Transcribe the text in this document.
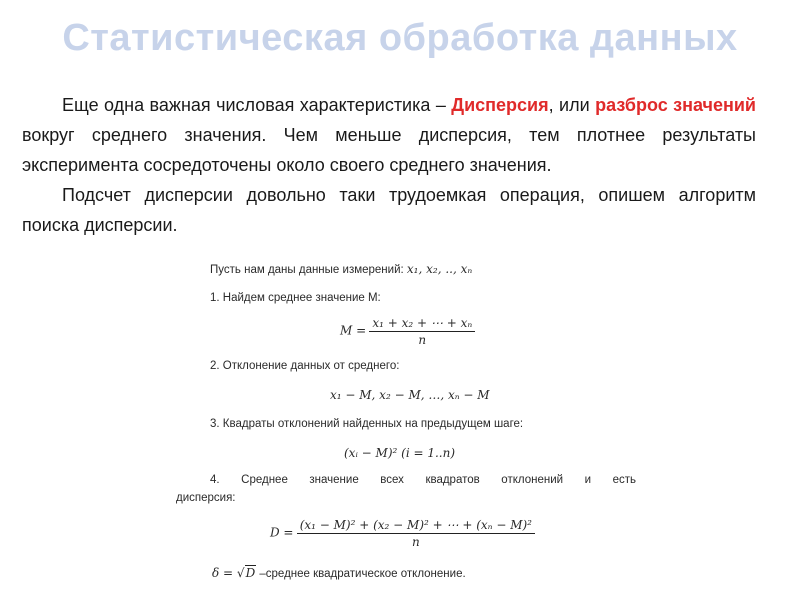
Статистическая обработка данных

Еще одна важная числовая характеристика – Дисперсия, или разброс значений вокруг среднего значения. Чем меньше дисперсия, тем плотнее результаты эксперимента сосредоточены около своего среднего значения.

Подсчет дисперсии довольно таки трудоемкая операция, опишем алгоритм поиска дисперсии.

Пусть нам даны данные измерений: x₁, x₂, .., xₙ
1. Найдем среднее значение M:
$M = \frac{\text{x₁ + x₂ + ⋯ + xₙ}}{n}$
2. Отклонение данных от среднего:
x₁ − M, x₂ − M, …, xₙ − M
3. Квадраты отклонений найденных на предыдущем шаге:
(xᵢ − M)² (i = 1..n)
4. Среднее значение всех квадратов отклонений и есть
дисперсия:
$D = \frac{\text{(x₁ − M)² + (x₂ − M)² + ⋯ + (xₙ − M)²}}{n}$
δ = √D –среднее квадратическое отклонение.
